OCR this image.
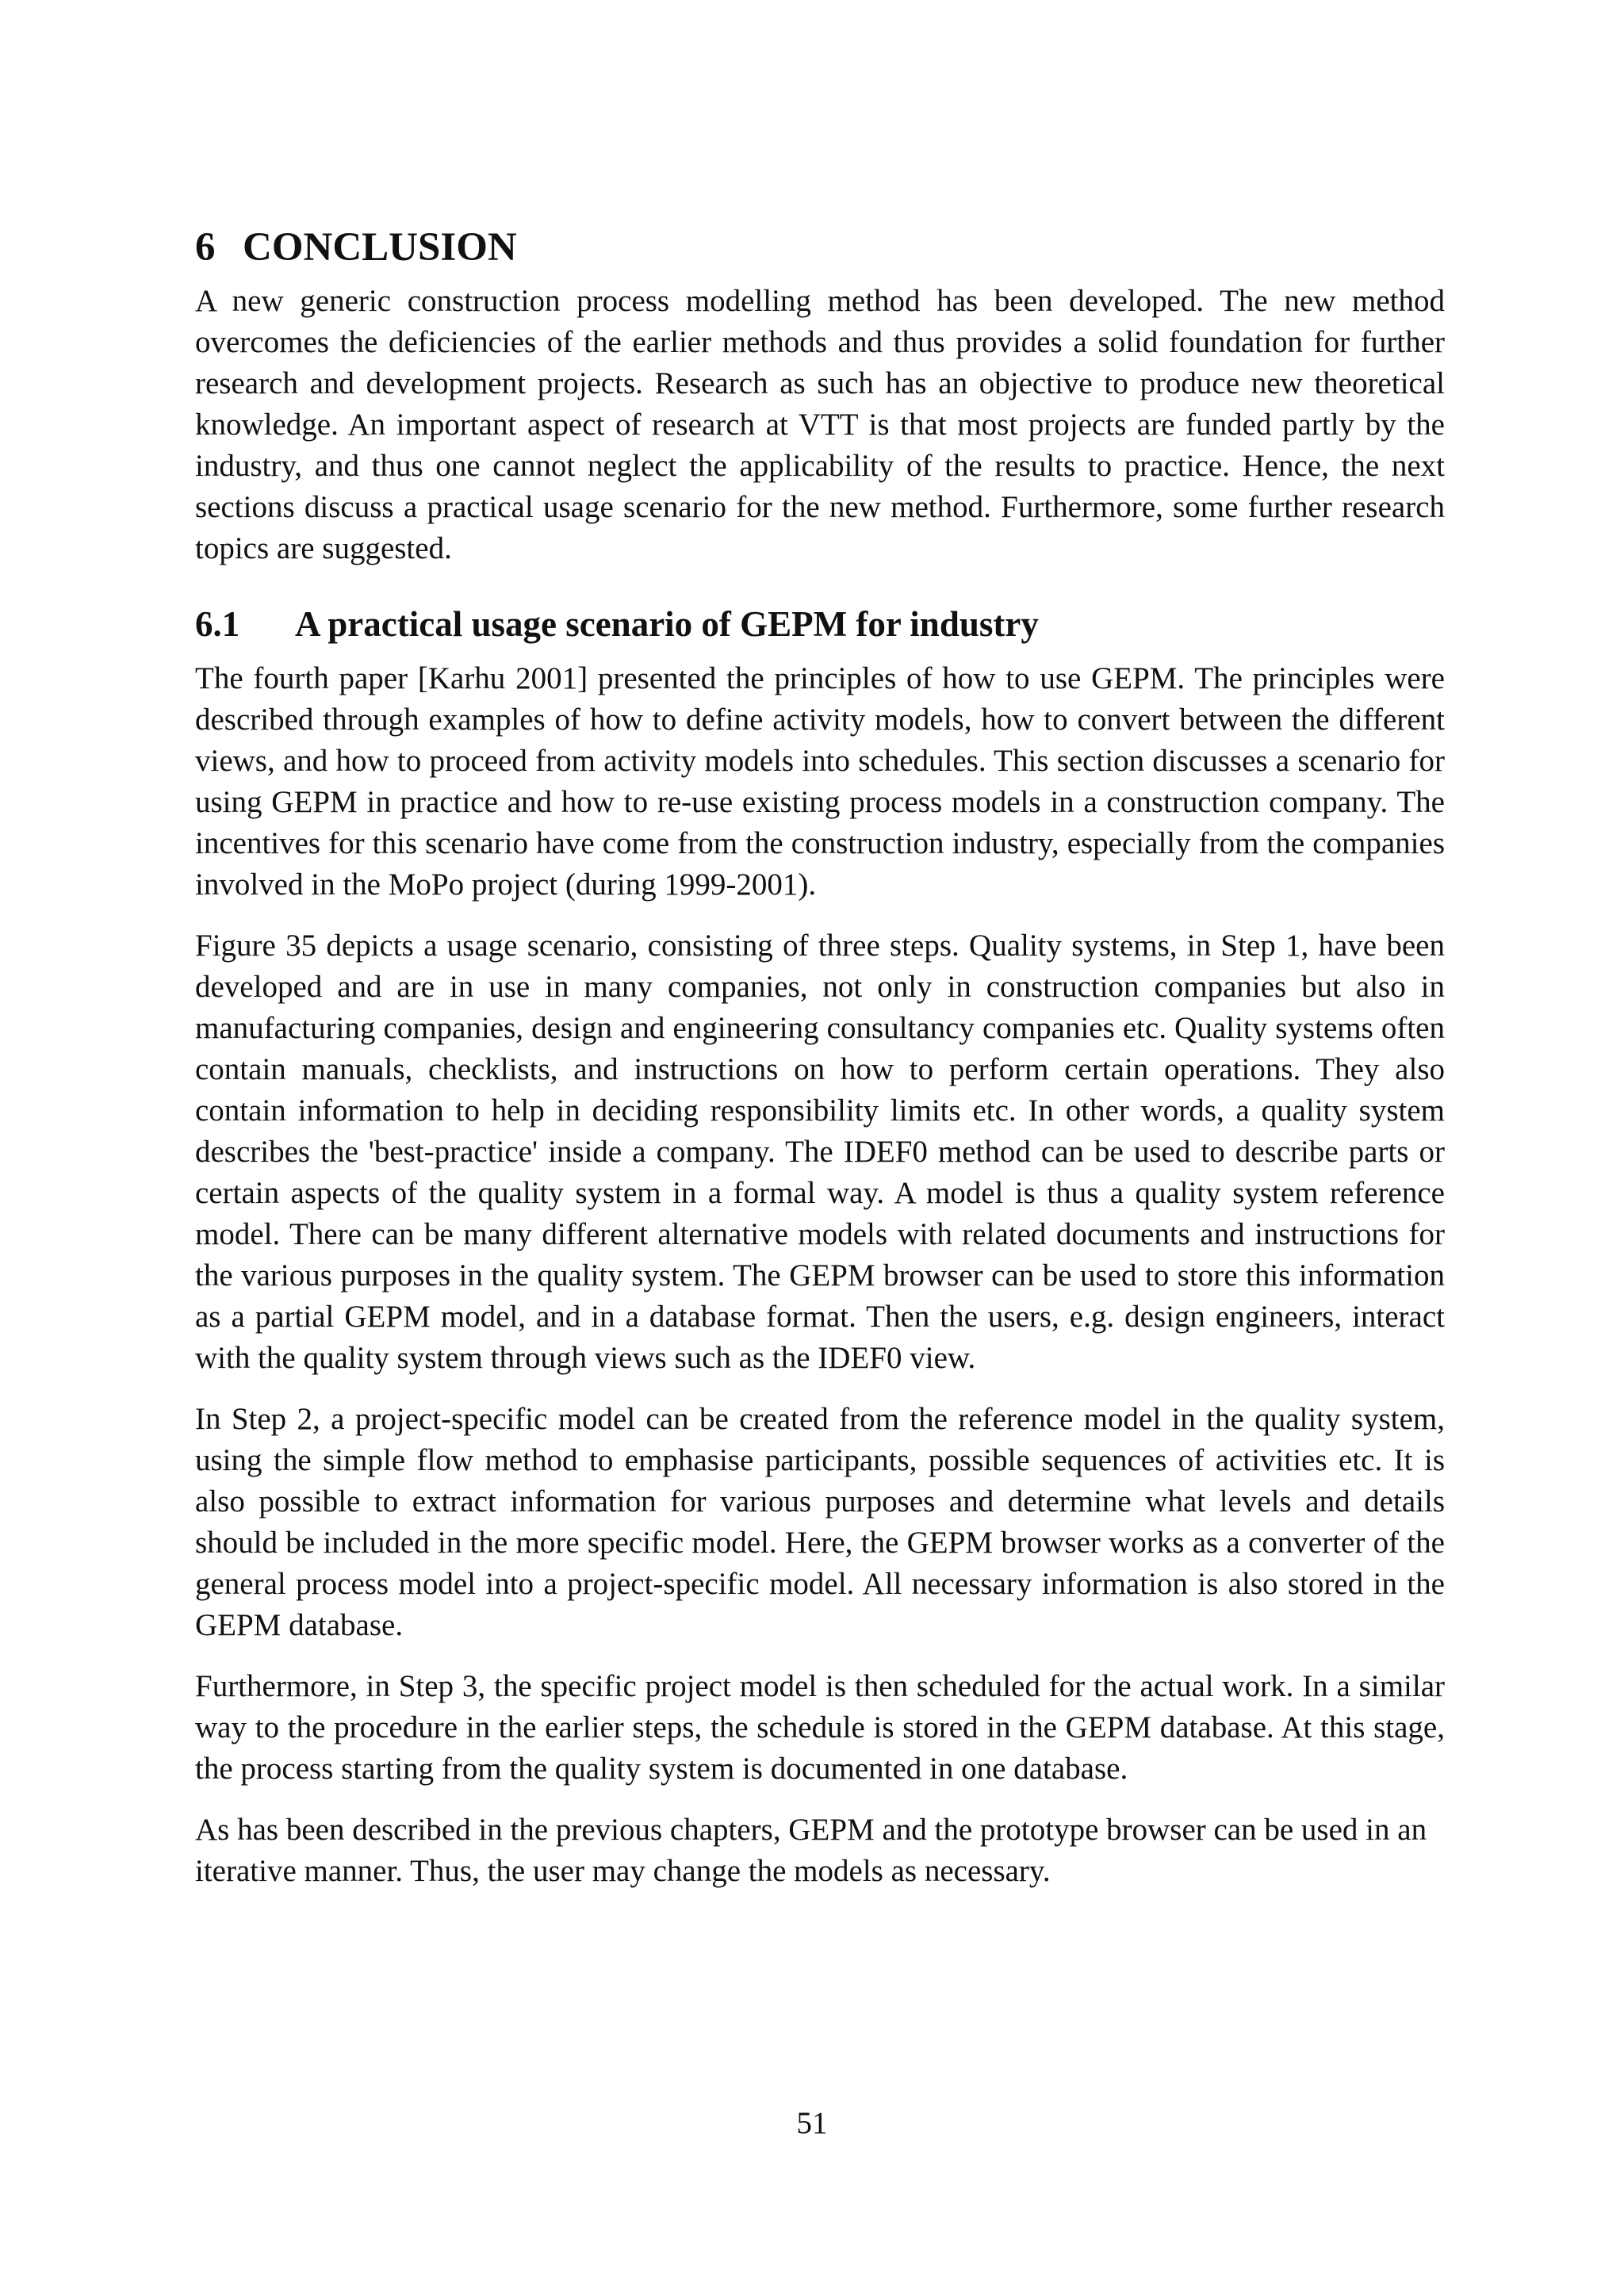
6 CONCLUSION

A new generic construction process modelling method has been developed. The new method overcomes the deficiencies of the earlier methods and thus provides a solid foundation for further research and development projects. Research as such has an objective to produce new theoretical knowledge. An important aspect of research at VTT is that most projects are funded partly by the industry, and thus one cannot neglect the applicability of the results to practice. Hence, the next sections discuss a practical usage scenario for the new method. Furthermore, some further research topics are suggested.

6.1	A practical usage scenario of GEPM for industry

The fourth paper [Karhu 2001] presented the principles of how to use GEPM. The principles were described through examples of how to define activity models, how to convert between the different views, and how to proceed from activity models into schedules. This section discusses a scenario for using GEPM in practice and how to re-use existing process models in a construction company. The incentives for this scenario have come from the construction industry, especially from the companies involved in the MoPo project (during 1999-2001).

Figure 35 depicts a usage scenario, consisting of three steps. Quality systems, in Step 1, have been developed and are in use in many companies, not only in construction companies but also in manufacturing companies, design and engineering consultancy companies etc. Quality systems often contain manuals, checklists, and instructions on how to perform certain operations. They also contain information to help in deciding responsibility limits etc. In other words, a quality system describes the 'best-practice' inside a company. The IDEF0 method can be used to describe parts or certain aspects of the quality system in a formal way. A model is thus a quality system reference model. There can be many different alternative models with related documents and instructions for the various purposes in the quality system. The GEPM browser can be used to store this information as a partial GEPM model, and in a database format. Then the users, e.g. design engineers, interact with the quality system through views such as the IDEF0 view.

In Step 2, a project-specific model can be created from the reference model in the quality system, using the simple flow method to emphasise participants, possible sequences of activities etc. It is also possible to extract information for various purposes and determine what levels and details should be included in the more specific model. Here, the GEPM browser works as a converter of the general process model into a project-specific model. All necessary information is also stored in the GEPM database.

Furthermore, in Step 3, the specific project model is then scheduled for the actual work. In a similar way to the procedure in the earlier steps, the schedule is stored in the GEPM database. At this stage, the process starting from the quality system is documented in one database.

As has been described in the previous chapters, GEPM and the prototype browser can be used in an iterative manner. Thus, the user may change the models as necessary.

51
